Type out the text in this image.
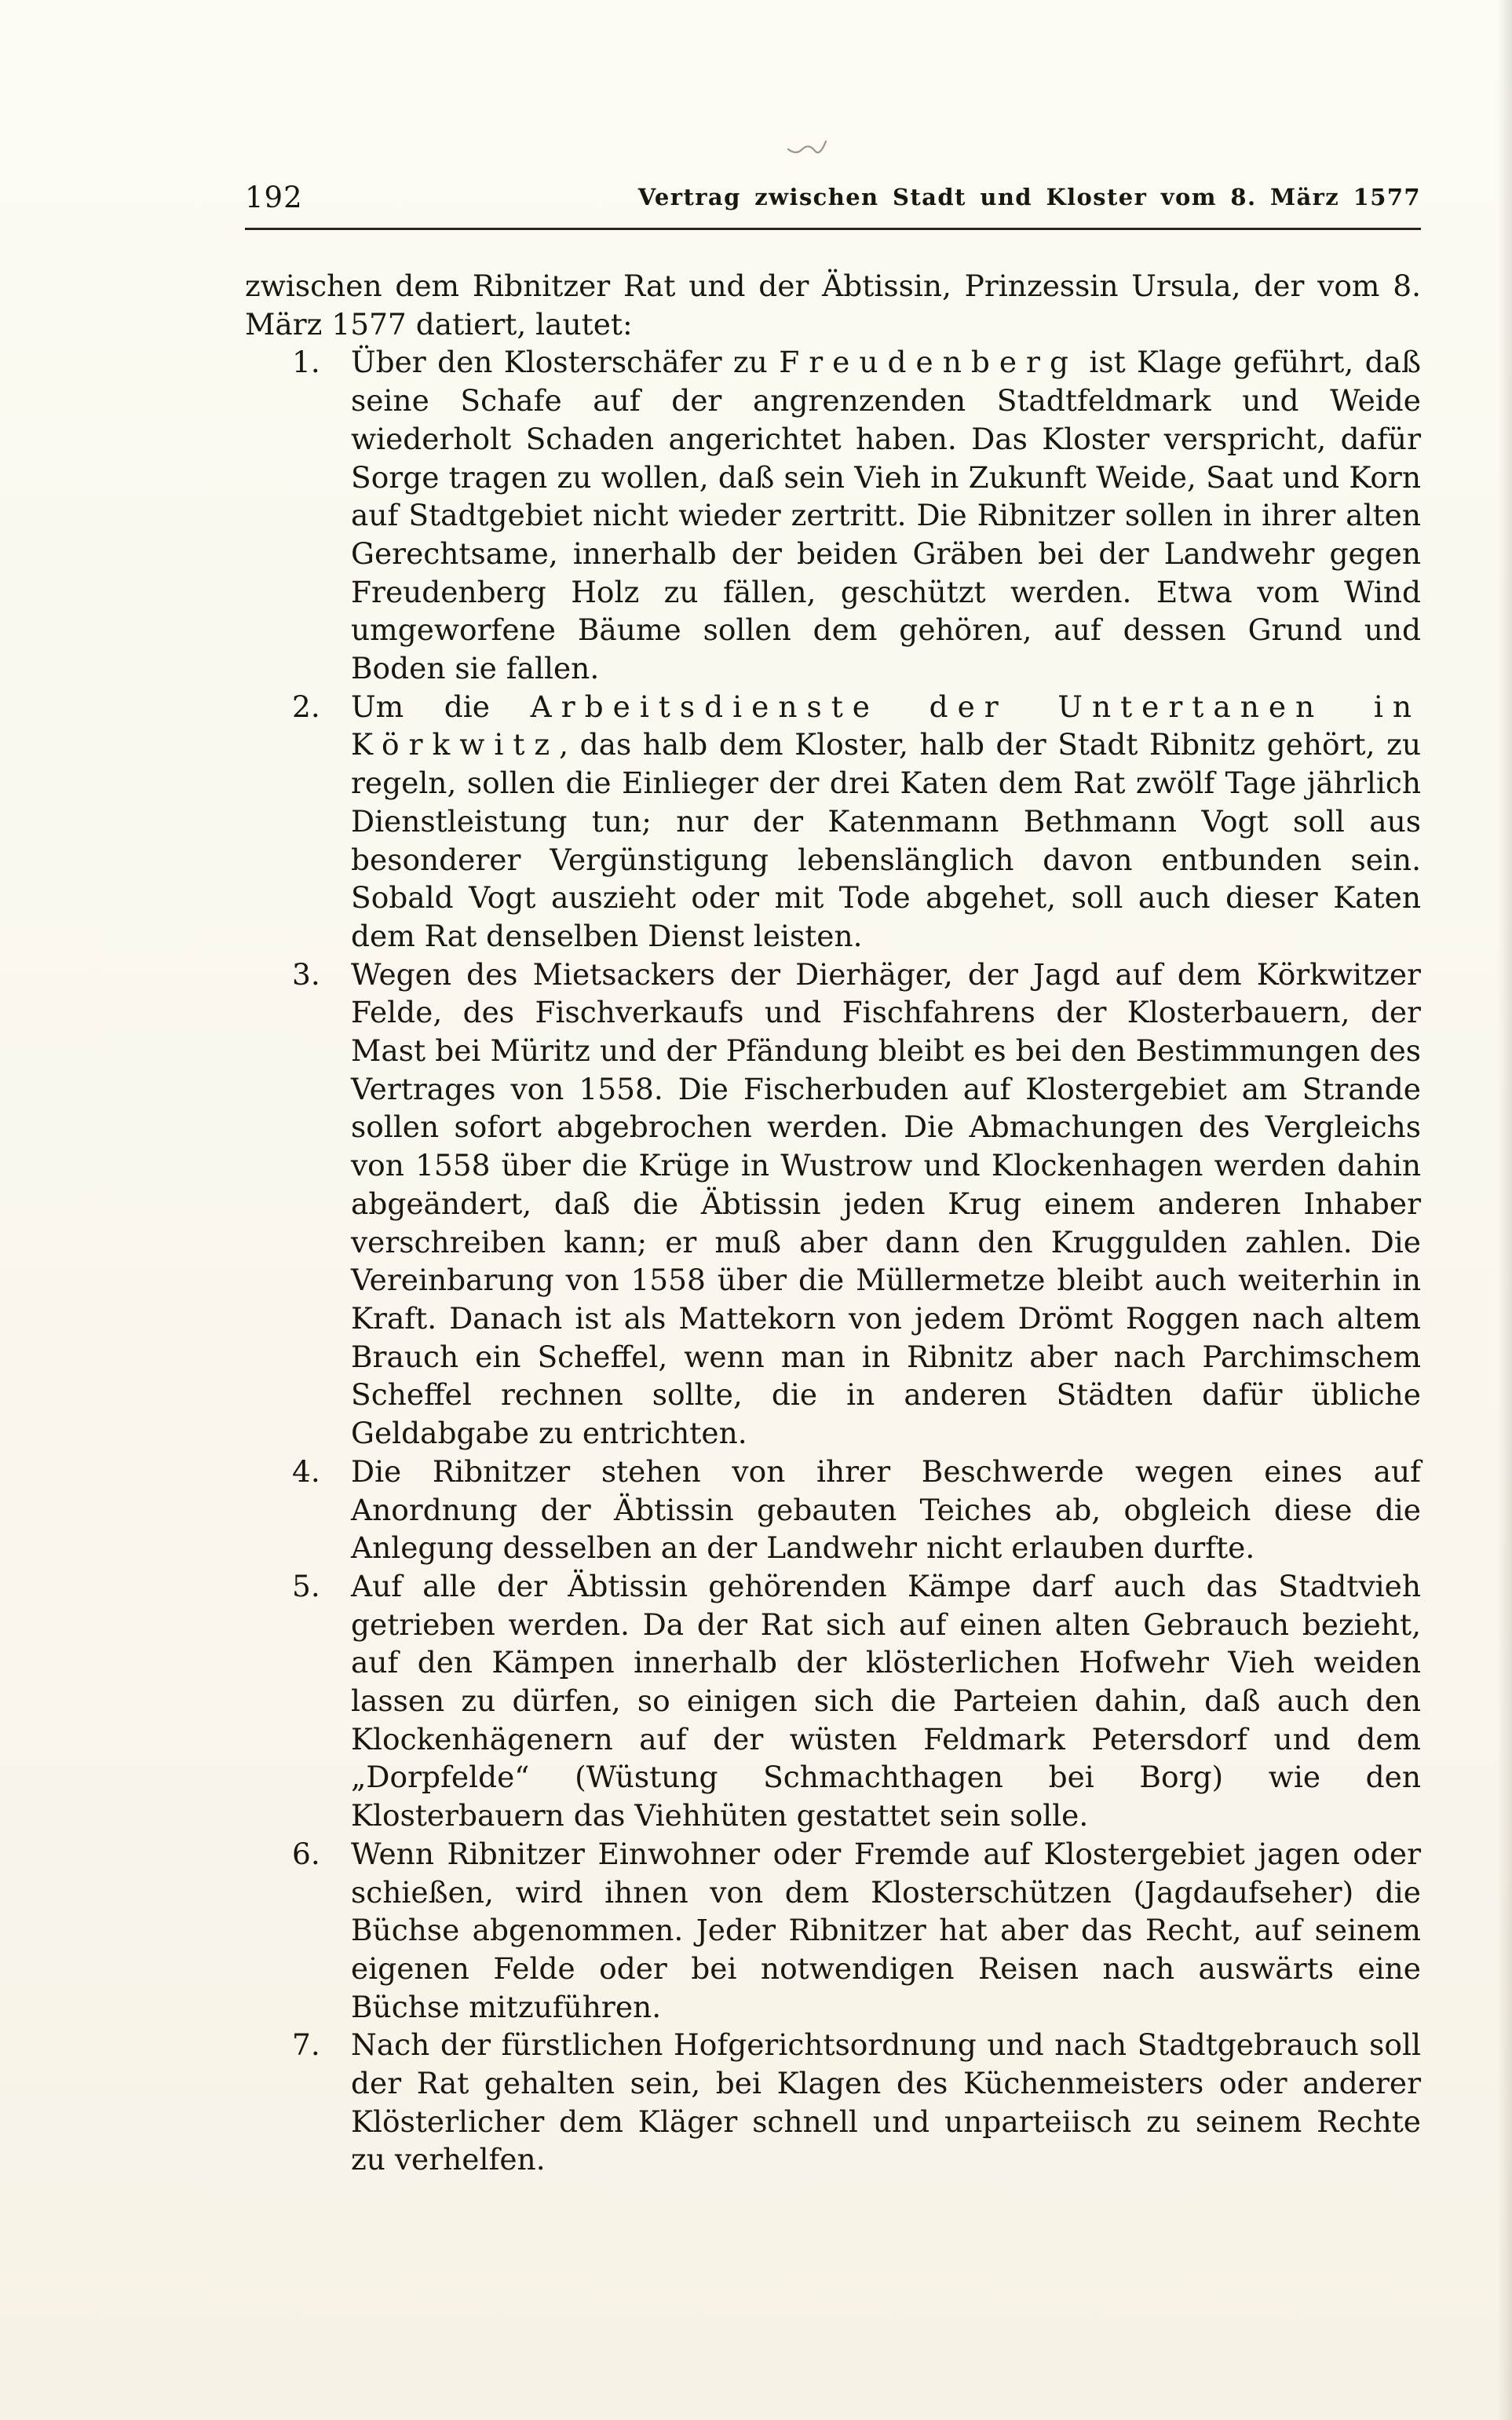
192	Vertrag zwischen Stadt und Kloster vom 8. März 1577

zwischen dem Ribnitzer Rat und der Äbtissin, Prinzessin Ursula, der vom 8. März 1577 datiert, lautet:

1. Über den Klosterschäfer zu Freudenberg ist Klage geführt, daß seine Schafe auf der angrenzenden Stadtfeldmark und Weide wiederholt Schaden angerichtet haben. Das Kloster verspricht, dafür Sorge tragen zu wollen, daß sein Vieh in Zukunft Weide, Saat und Korn auf Stadtgebiet nicht wieder zertritt. Die Ribnitzer sollen in ihrer alten Gerechtsame, innerhalb der beiden Gräben bei der Landwehr gegen Freudenberg Holz zu fällen, geschützt werden. Etwa vom Wind umgeworfene Bäume sollen dem gehören, auf dessen Grund und Boden sie fallen.
2. Um die Arbeitsdienste der Untertanen in Körkwitz, das halb dem Kloster, halb der Stadt Ribnitz gehört, zu regeln, sollen die Einlieger der drei Katen dem Rat zwölf Tage jährlich Dienstleistung tun; nur der Katenmann Bethmann Vogt soll aus besonderer Vergünstigung lebenslänglich davon entbunden sein. Sobald Vogt auszieht oder mit Tode abgehet, soll auch dieser Katen dem Rat denselben Dienst leisten.
3. Wegen des Mietsackers der Dierhäger, der Jagd auf dem Körkwitzer Felde, des Fischverkaufs und Fischfahrens der Klosterbauern, der Mast bei Müritz und der Pfändung bleibt es bei den Bestimmungen des Vertrages von 1558. Die Fischerbuden auf Klostergebiet am Strande sollen sofort abgebrochen werden. Die Abmachungen des Vergleichs von 1558 über die Krüge in Wustrow und Klockenhagen werden dahin abgeändert, daß die Äbtissin jeden Krug einem anderen Inhaber verschreiben kann; er muß aber dann den Kruggulden zahlen. Die Vereinbarung von 1558 über die Müllermetze bleibt auch weiterhin in Kraft. Danach ist als Mattekorn von jedem Drömt Roggen nach altem Brauch ein Scheffel, wenn man in Ribnitz aber nach Parchimschem Scheffel rechnen sollte, die in anderen Städten dafür übliche Geldabgabe zu entrichten.
4. Die Ribnitzer stehen von ihrer Beschwerde wegen eines auf Anordnung der Äbtissin gebauten Teiches ab, obgleich diese die Anlegung desselben an der Landwehr nicht erlauben durfte.
5. Auf alle der Äbtissin gehörenden Kämpe darf auch das Stadtvieh getrieben werden. Da der Rat sich auf einen alten Gebrauch bezieht, auf den Kämpen innerhalb der klösterlichen Hofwehr Vieh weiden lassen zu dürfen, so einigen sich die Parteien dahin, daß auch den Klockenhägenern auf der wüsten Feldmark Petersdorf und dem „Dorpfelde“ (Wüstung Schmachthagen bei Borg) wie den Klosterbauern das Viehhüten gestattet sein solle.
6. Wenn Ribnitzer Einwohner oder Fremde auf Klostergebiet jagen oder schießen, wird ihnen von dem Klosterschützen (Jagdaufseher) die Büchse abgenommen. Jeder Ribnitzer hat aber das Recht, auf seinem eigenen Felde oder bei notwendigen Reisen nach auswärts eine Büchse mitzuführen.
7. Nach der fürstlichen Hofgerichtsordnung und nach Stadtgebrauch soll der Rat gehalten sein, bei Klagen des Küchenmeisters oder anderer Klösterlicher dem Kläger schnell und unparteiisch zu seinem Rechte zu verhelfen.
